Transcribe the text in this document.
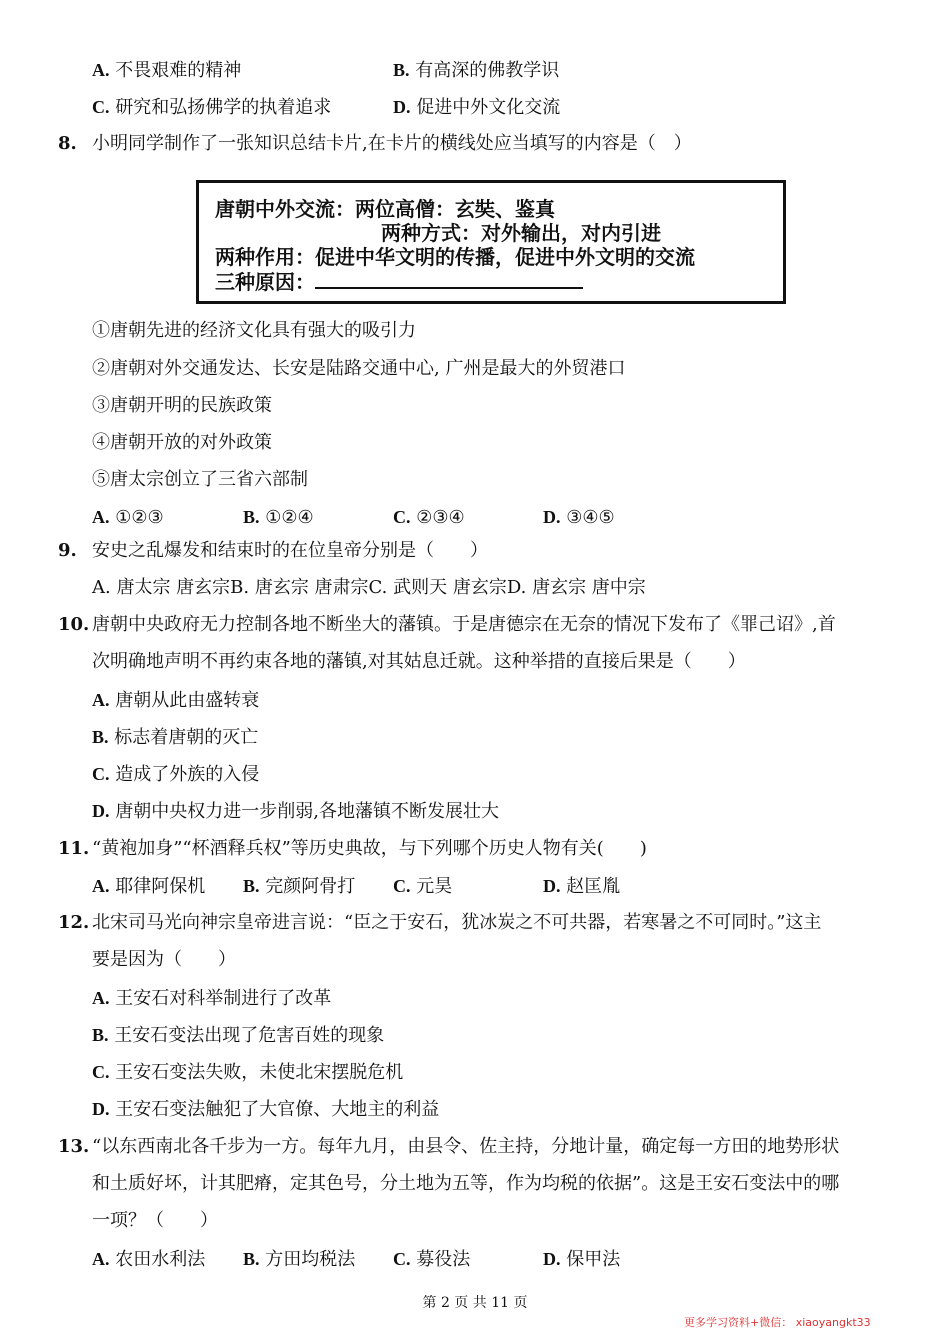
A. 不畏艰难的精神	B. 有高深的佛教学识
C. 研究和弘扬佛学的执着追求	D. 促进中外文化交流
8. 小明同学制作了一张知识总结卡片,在卡片的横线处应当填写的内容是（　）
唐朝中外交流：两位高僧：玄奘、鉴真
两种方式：对外输出，对内引进
两种作用：促进中华文明的传播，促进中外文明的交流
三种原因：
①唐朝先进的经济文化具有强大的吸引力
②唐朝对外交通发达、长安是陆路交通中心, 广州是最大的外贸港口
③唐朝开明的民族政策
④唐朝开放的对外政策
⑤唐太宗创立了三省六部制
A. ①②③	B. ①②④	C. ②③④	D. ③④⑤
9. 安史之乱爆发和结束时的在位皇帝分别是（　　）
A. 唐太宗 唐玄宗B. 唐玄宗 唐肃宗C. 武则天 唐玄宗D. 唐玄宗 唐中宗
10. 唐朝中央政府无力控制各地不断坐大的藩镇。于是唐德宗在无奈的情况下发布了《罪己诏》,首
次明确地声明不再约束各地的藩镇,对其姑息迁就。这种举措的直接后果是（　　）
A. 唐朝从此由盛转衰
B. 标志着唐朝的灭亡
C. 造成了外族的入侵
D. 唐朝中央权力进一步削弱,各地藩镇不断发展壮大
11. “黄袍加身”“杯酒释兵权”等历史典故，与下列哪个历史人物有关(　　)
A. 耶律阿保机 B. 完颜阿骨打 C. 元昊	D. 赵匡胤
12. 北宋司马光向神宗皇帝进言说：“臣之于安石，犹冰炭之不可共器，若寒暑之不可同时。”这主
要是因为（　　）
A. 王安石对科举制进行了改革
B. 王安石变法出现了危害百姓的现象
C. 王安石变法失败，未使北宋摆脱危机
D. 王安石变法触犯了大官僚、大地主的利益
13. “以东西南北各千步为一方。每年九月，由县令、佐主持，分地计量，确定每一方田的地势形状
和土质好坏，计其肥瘠，定其色号，分土地为五等，作为均税的依据”。这是王安石变法中的哪
一项？（　　）
A. 农田水利法 B. 方田均税法 C. 募役法	D. 保甲法
第 2 页 共 11 页
更多学习资料+微信： xiaoyangkt33
